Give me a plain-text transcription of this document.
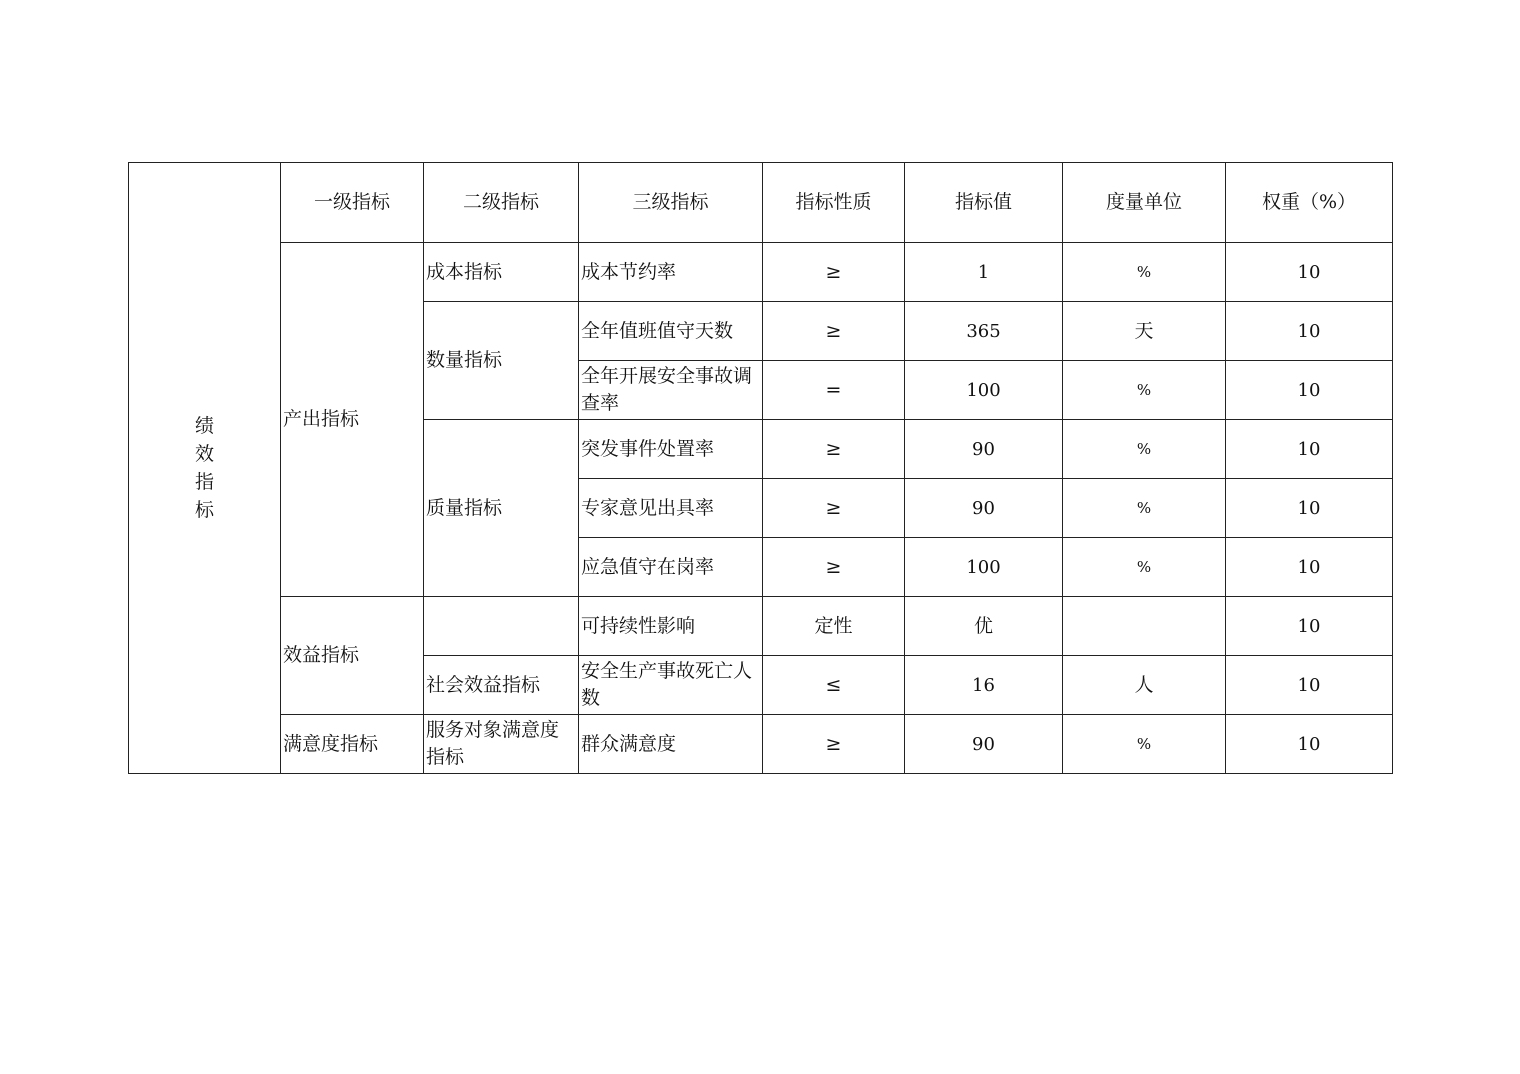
绩效指标	一级指标	二级指标	三级指标	指标性质	指标值	度量单位	权重（%）
	产出指标	成本指标	成本节约率	≥	1	%	10
		数量指标	全年值班值守天数	≥	365	天	10
			全年开展安全事故调查率	=	100	%	10
		质量指标	突发事件处置率	≥	90	%	10
			专家意见出具率	≥	90	%	10
			应急值守在岗率	≥	100	%	10
	效益指标		可持续性影响	定性	优		10
		社会效益指标	安全生产事故死亡人数	≤	16	人	10
	满意度指标	服务对象满意度指标	群众满意度	≥	90	%	10
